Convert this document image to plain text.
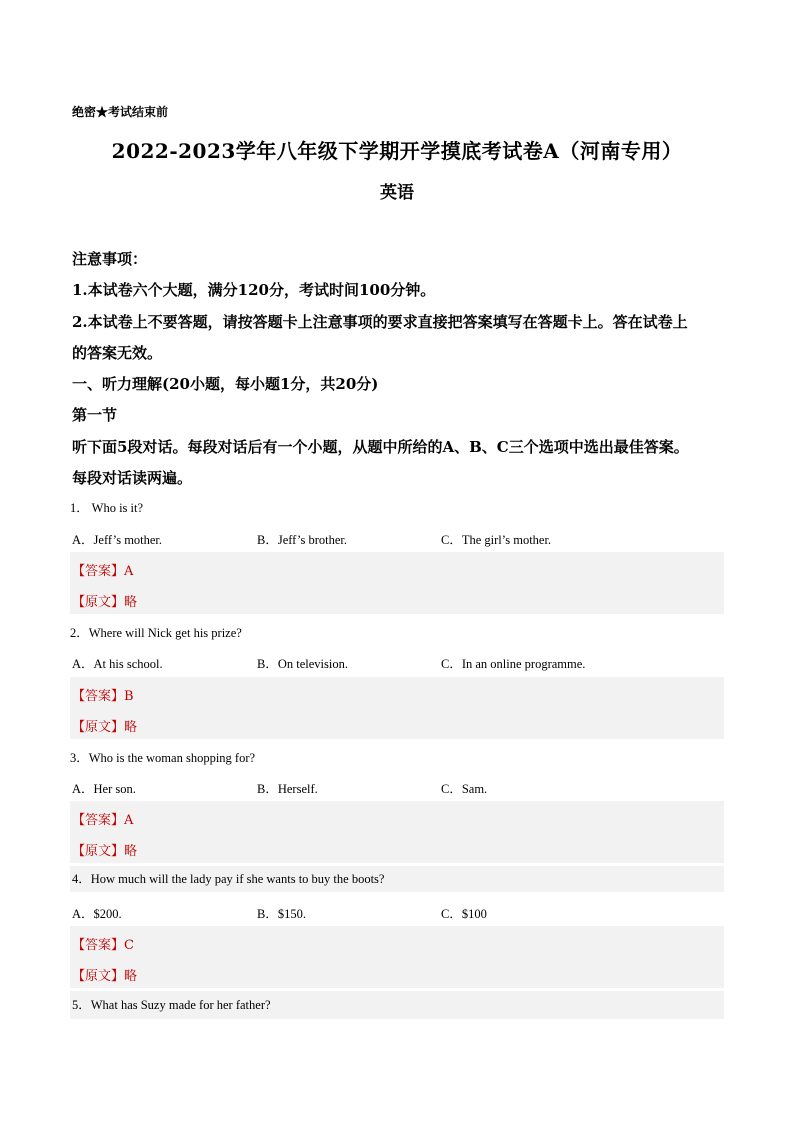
绝密★考试结束前
2022-2023学年八年级下学期开学摸底考试卷A（河南专用）
英语
注意事项：
1.本试卷六个大题，满分120分，考试时间100分钟。
2.本试卷上不要答题，请按答题卡上注意事项的要求直接把答案填写在答题卡上。答在试卷上
的答案无效。
一、听力理解(20小题，每小题1分，共20分)
第一节
听下面5段对话。每段对话后有一个小题，从题中所给的A、B、C三个选项中选出最佳答案。
每段对话读两遍。
1． Who is it?
A．Jeff’s mother.	B．Jeff’s brother.	C．The girl’s mother.
【答案】A
【原文】略
2．Where will Nick get his prize?
A．At his school.	B．On television.	C．In an online programme.
【答案】B
【原文】略
3．Who is the woman shopping for?
A．Her son.	B．Herself.	C．Sam.
【答案】A
【原文】略
4．How much will the lady pay if she wants to buy the boots?
A．$200.	B．$150.	C．$100
【答案】C
【原文】略
5．What has Suzy made for her father?
